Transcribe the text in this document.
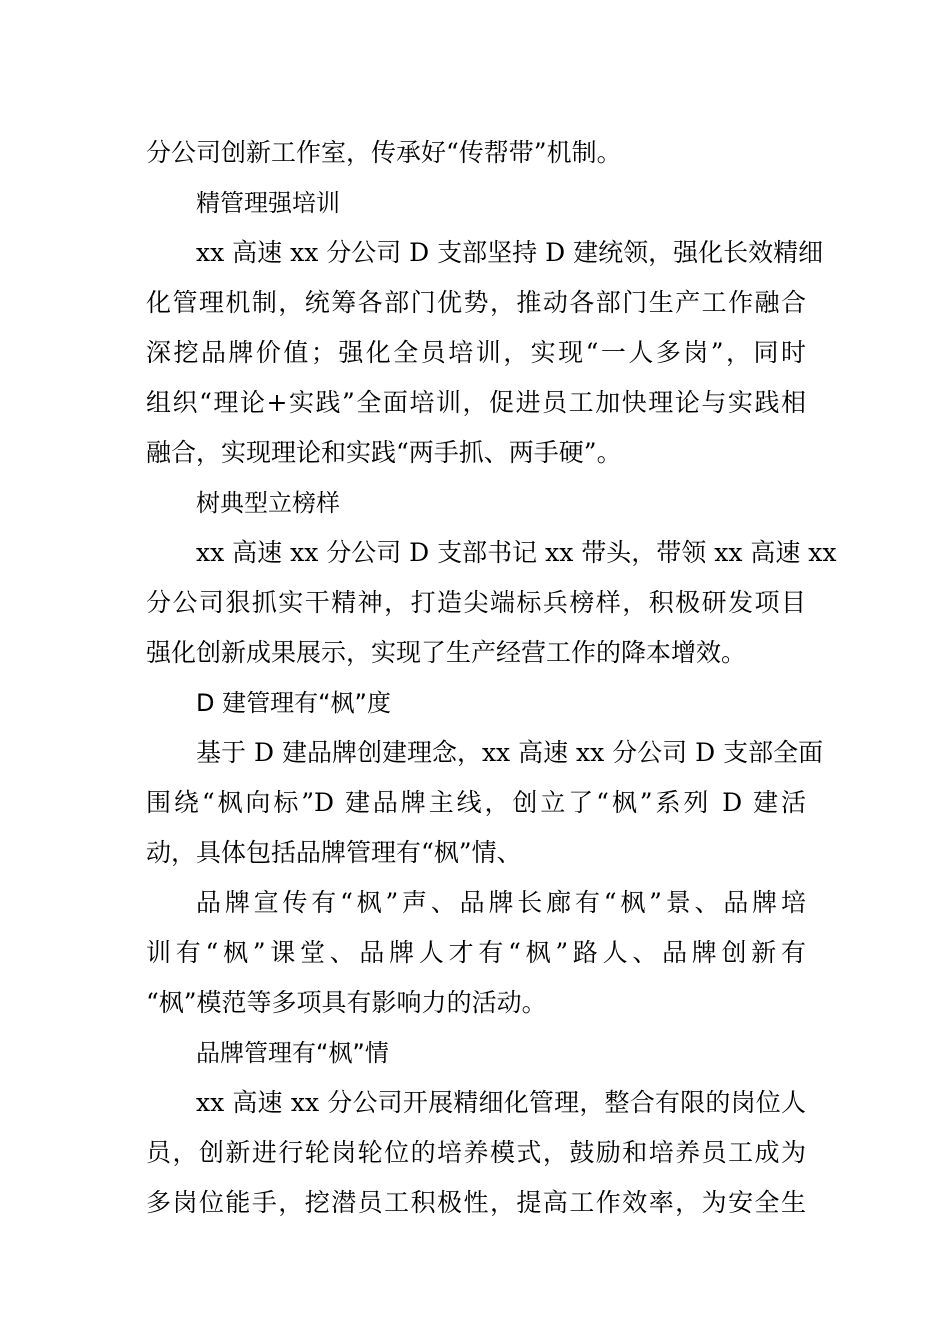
分公司创新工作室，传承好“传帮带”机制。
精管理强培训
xx 高速 xx 分公司 D 支部坚持 D 建统领，强化长效精细
化管理机制，统筹各部门优势，推动各部门生产工作融合
深挖品牌价值；强化全员培训，实现“一人多岗”，同时
组织“理论+实践”全面培训，促进员工加快理论与实践相
融合，实现理论和实践“两手抓、两手硬”。
树典型立榜样
xx 高速 xx 分公司 D 支部书记 xx 带头，带领 xx 高速 xx
分公司狠抓实干精神，打造尖端标兵榜样，积极研发项目
强化创新成果展示，实现了生产经营工作的降本增效。
D 建管理有“枫”度
基于 D 建品牌创建理念，xx 高速 xx 分公司 D 支部全面
围绕“枫向标”D 建品牌主线，创立了“枫”系列 D 建活
动，具体包括品牌管理有“枫”情、
品牌宣传有“枫”声、品牌长廊有“枫”景、品牌培
训有“枫”课堂、品牌人才有“枫”路人、品牌创新有
“枫”模范等多项具有影响力的活动。
品牌管理有“枫”情
xx 高速 xx 分公司开展精细化管理，整合有限的岗位人
员，创新进行轮岗轮位的培养模式，鼓励和培养员工成为
多岗位能手，挖潜员工积极性，提高工作效率，为安全生
